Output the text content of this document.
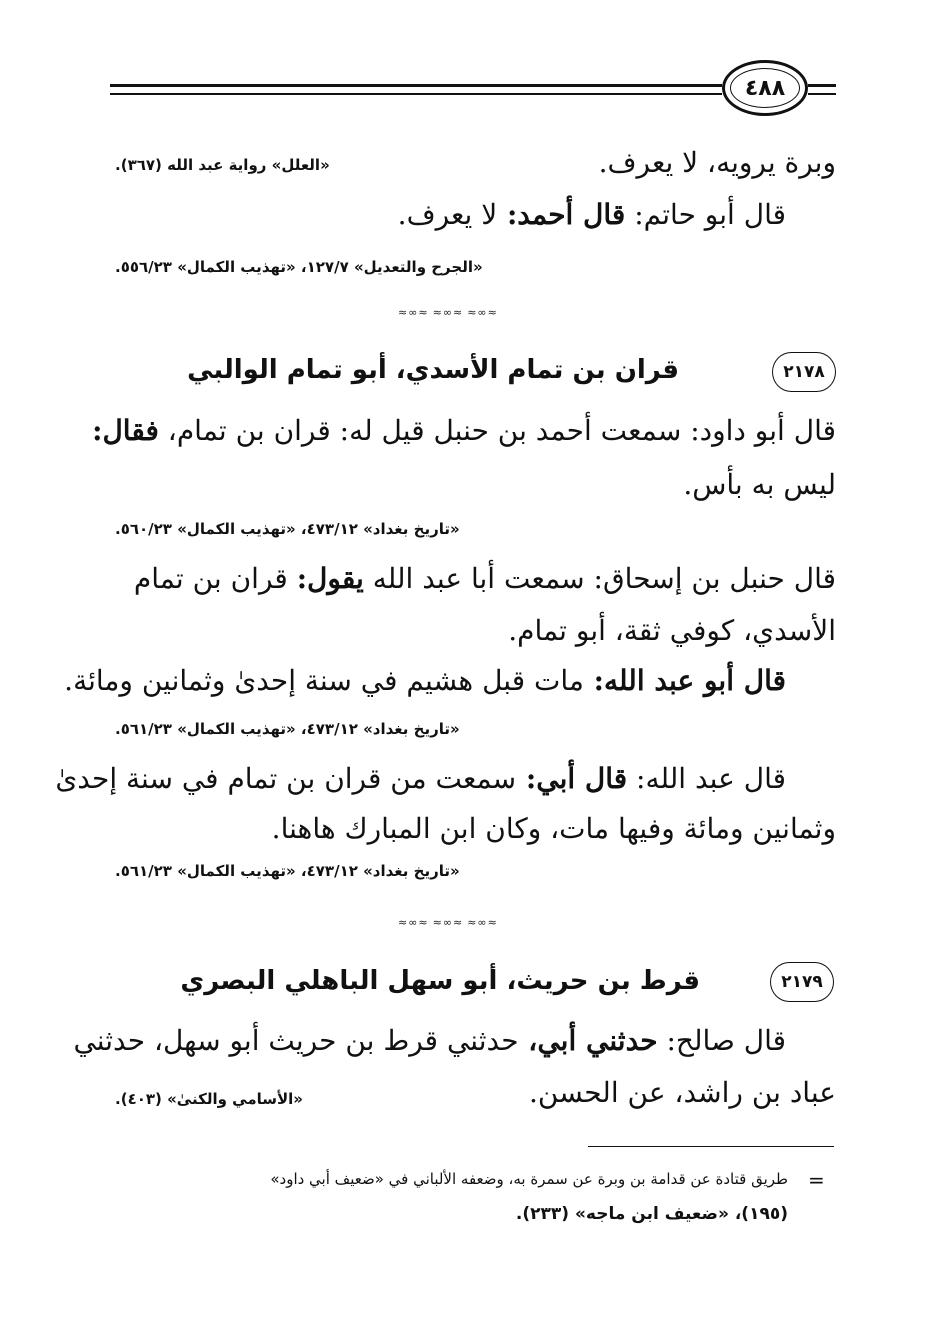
٤٨٨
وبرة يرويه، لا يعرف.
«العلل» رواية عبد الله (٣٦٧).
قال أبو حاتم: قال أحمد: لا يعرف.
«الجرح والتعديل» ١٢٧/٧، «تهذيب الكمال» ٥٥٦/٢٣.
≈∞≈ ≈∞≈ ≈∞≈
٢١٧٨
قران بن تمام الأسدي، أبو تمام الوالبي
قال أبو داود: سمعت أحمد بن حنبل قيل له: قران بن تمام، فقال:
ليس به بأس.
«تاريخ بغداد» ٤٧٣/١٢، «تهذيب الكمال» ٥٦٠/٢٣.
قال حنبل بن إسحاق: سمعت أبا عبد الله يقول: قران بن تمام
الأسدي، كوفي ثقة، أبو تمام.
قال أبو عبد الله: مات قبل هشيم في سنة إحدىٰ وثمانين ومائة.
«تاريخ بغداد» ٤٧٣/١٢، «تهذيب الكمال» ٥٦١/٢٣.
قال عبد الله: قال أبي: سمعت من قران بن تمام في سنة إحدىٰ
وثمانين ومائة وفيها مات، وكان ابن المبارك هاهنا.
«تاريخ بغداد» ٤٧٣/١٢، «تهذيب الكمال» ٥٦١/٢٣.
≈∞≈ ≈∞≈ ≈∞≈
٢١٧٩
قرط بن حريث، أبو سهل الباهلي البصري
قال صالح: حدثني أبي، حدثني قرط بن حريث أبو سهل، حدثني
عباد بن راشد، عن الحسن.
«الأسامي والكنىٰ» (٤٠٣).
=
طريق قتادة عن قدامة بن وبرة عن سمرة به، وضعفه الألباني في «ضعيف أبي داود»
(١٩٥)، «ضعيف ابن ماجه» (٢٣٣).
